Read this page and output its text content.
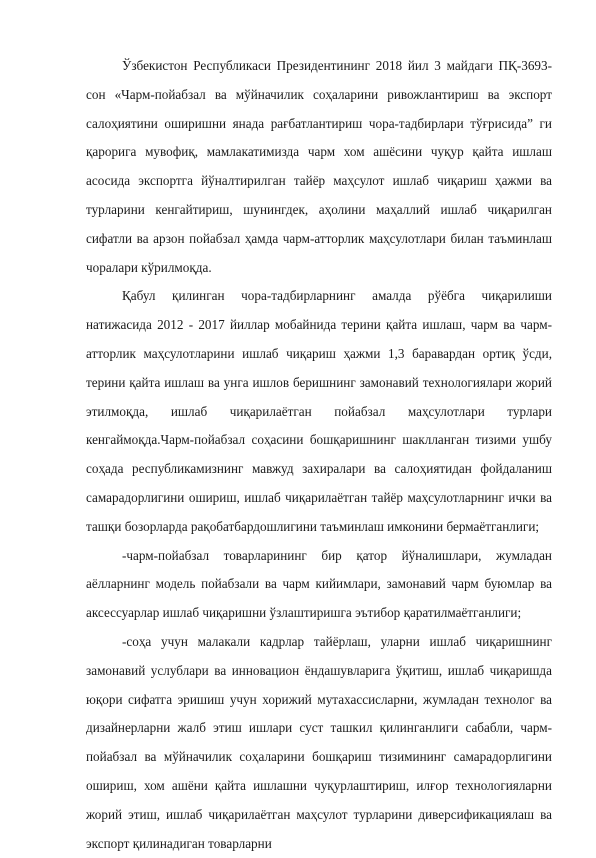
Ўзбекистон Республикаси Президентининг 2018 йил 3 майдаги ПҚ-3693-сон «Чарм-пойабзал ва мўйначилик соҳаларини ривожлантириш ва экспорт салоҳиятини оширишни янада рағбатлантириш чора-тадбирлари тўғрисида” ги қарорига мувофиқ, мамлакатимизда чарм хом ашёсини чуқур қайта ишлаш асосида экспортга йўналтирилган тайёр маҳсулот ишлаб чиқариш ҳажми ва турларини кенгайтириш, шунингдек, аҳолини маҳаллий ишлаб чиқарилган сифатли ва арзон пойабзал ҳамда чарм-атторлик маҳсулотлари билан таъминлаш чоралари кўрилмоқда.

Қабул қилинган чора-тадбирларнинг амалда рўёбга чиқарилиши натижасида 2012 - 2017 йиллар мобайнида терини қайта ишлаш, чарм ва чарм-атторлик маҳсулотларини ишлаб чиқариш ҳажми 1,3 баравардан ортиқ ўсди, терини қайта ишлаш ва унга ишлов беришнинг замонавий технологиялари жорий этилмоқда, ишлаб чиқарилаётган пойабзал маҳсулотлари турлари кенгаймоқда.Чарм-пойабзал соҳасини бошқаришнинг шаклланган тизими ушбу соҳада республикамизнинг мавжуд захиралари ва салоҳиятидан фойдаланиш самарадорлигини ошириш, ишлаб чиқарилаётган тайёр маҳсулотларнинг ички ва ташқи бозорларда рақобатбардошлигини таъминлаш имконини бермаётганлиги;

-чарм-пойабзал товарларининг бир қатор йўналишлари, жумладан аёлларнинг модель пойабзали ва чарм кийимлари, замонавий чарм буюмлар ва аксессуарлар ишлаб чиқаришни ўзлаштиришга эътибор қаратилмаётганлиги;

-соҳа учун малакали кадрлар тайёрлаш, уларни ишлаб чиқаришнинг замонавий услублари ва инновацион ёндашувларига ўқитиш, ишлаб чиқаришда юқори сифатга эришиш учун хорижий мутахассисларни, жумладан технолог ва дизайнерларни жалб этиш ишлари суст ташкил қилинганлиги сабабли, чарм-пойабзал ва мўйначилик соҳаларини бошқариш тизимининг самарадорлигини ошириш, хом ашёни қайта ишлашни чуқурлаштириш, илғор технологияларни жорий этиш, ишлаб чиқарилаётган маҳсулот турларини диверсификациялаш ва экспорт қилинадиган товарларни
